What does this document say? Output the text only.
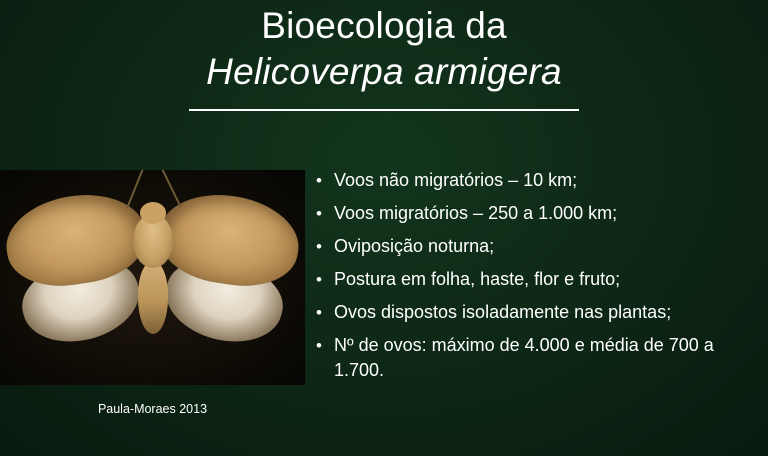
Bioecologia da
Helicoverpa armigera
Paula-Moraes 2013
• Voos não migratórios – 10 km;
• Voos migratórios – 250 a 1.000 km;
• Oviposição noturna;
• Postura em folha, haste, flor e fruto;
• Ovos dispostos isoladamente nas plantas;
• Nº de ovos: máximo de 4.000 e média de 700 a 1.700.
